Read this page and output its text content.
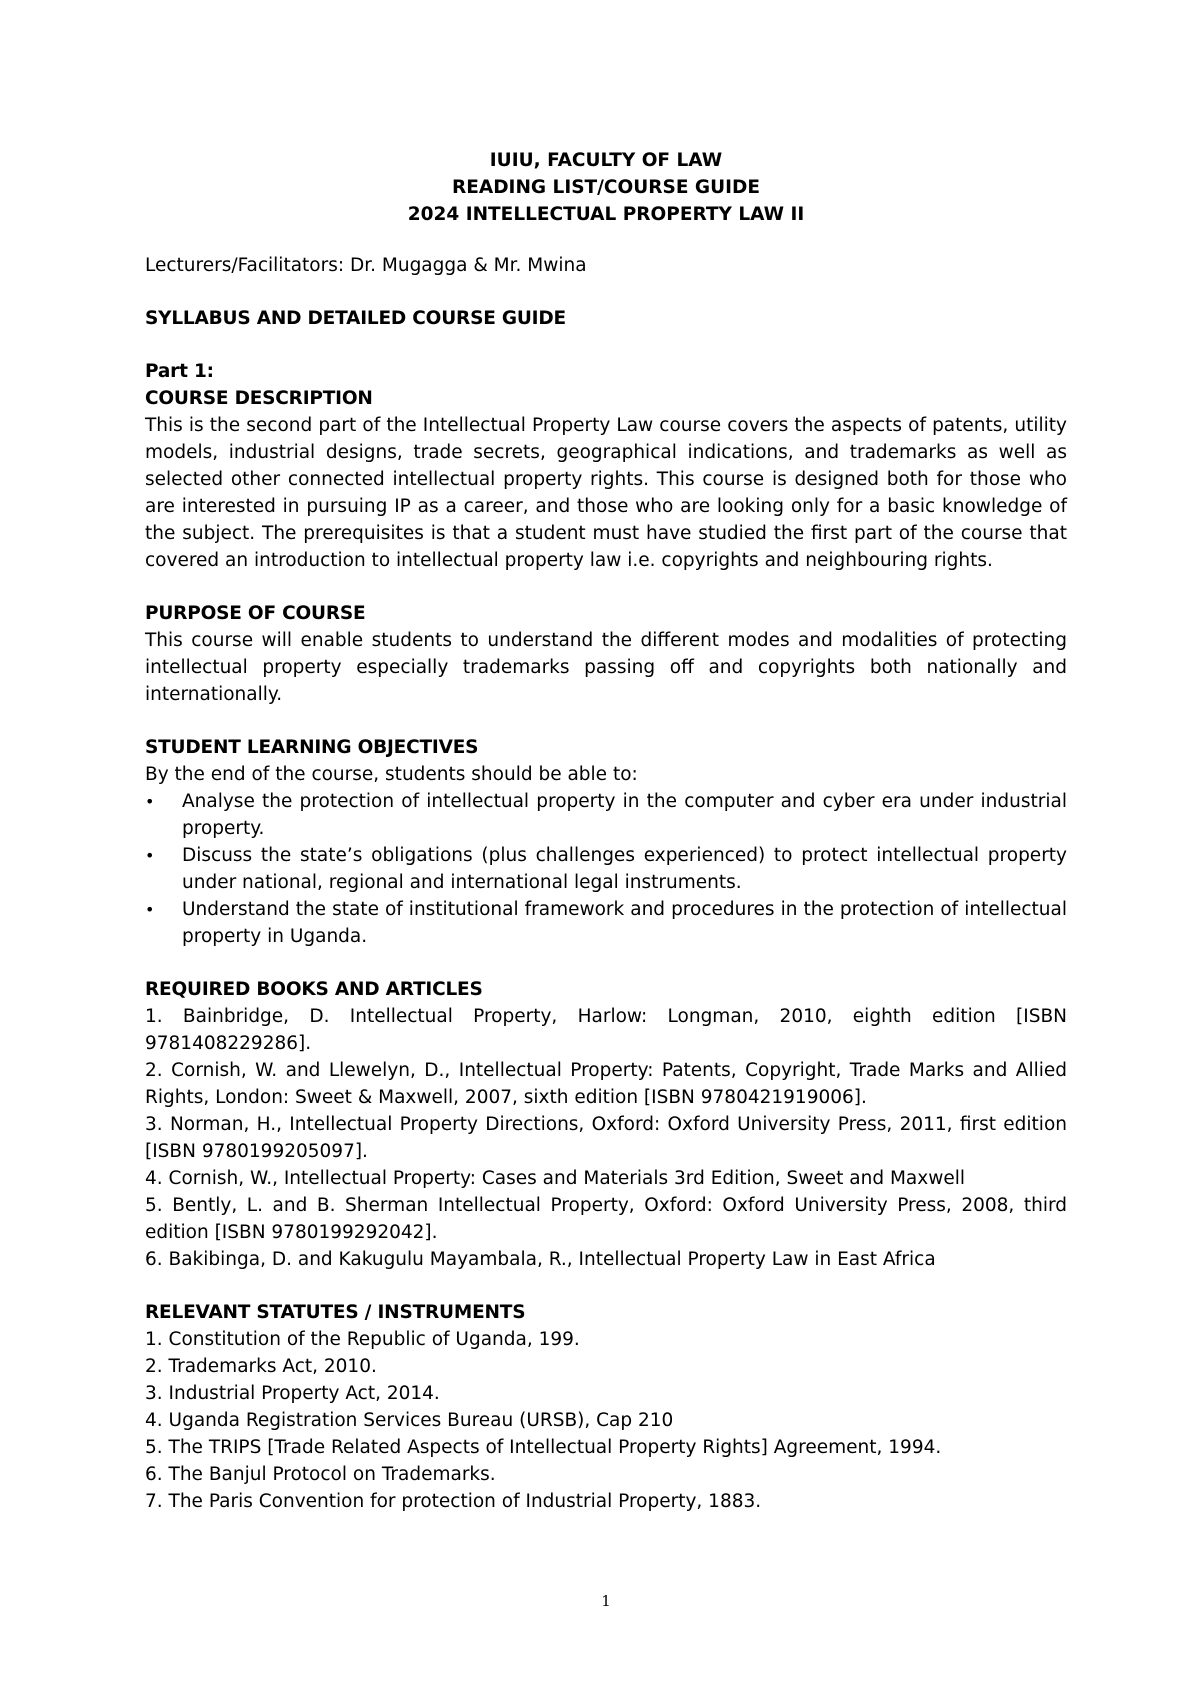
IUIU, FACULTY OF LAW
READING LIST/COURSE GUIDE
2024 INTELLECTUAL PROPERTY LAW II

Lecturers/Facilitators: Dr. Mugagga & Mr. Mwina

SYLLABUS AND DETAILED COURSE GUIDE

Part 1:

COURSE DESCRIPTION

This is the second part of the Intellectual Property Law course covers the aspects of patents, utility models, industrial designs, trade secrets, geographical indications, and trademarks as well as selected other connected intellectual property rights. This course is designed both for those who are interested in pursuing IP as a career, and those who are looking only for a basic knowledge of the subject. The prerequisites is that a student must have studied the first part of the course that covered an introduction to intellectual property law i.e. copyrights and neighbouring rights.

PURPOSE OF COURSE

This course will enable students to understand the different modes and modalities of protecting intellectual property especially trademarks passing off and copyrights both nationally and internationally.

STUDENT LEARNING OBJECTIVES

By the end of the course, students should be able to:

• Analyse the protection of intellectual property in the computer and cyber era under industrial property.
• Discuss the state’s obligations (plus challenges experienced) to protect intellectual property under national, regional and international legal instruments.
• Understand the state of institutional framework and procedures in the protection of intellectual property in Uganda.

REQUIRED BOOKS AND ARTICLES

1. Bainbridge, D. Intellectual Property, Harlow: Longman, 2010, eighth edition [ISBN 9781408229286].
2. Cornish, W. and Llewelyn, D., Intellectual Property: Patents, Copyright, Trade Marks and Allied Rights, London: Sweet & Maxwell, 2007, sixth edition [ISBN 9780421919006].
3. Norman, H., Intellectual Property Directions, Oxford: Oxford University Press, 2011, first edition [ISBN 9780199205097].
4. Cornish, W., Intellectual Property: Cases and Materials 3rd Edition, Sweet and Maxwell
5. Bently, L. and B. Sherman Intellectual Property, Oxford: Oxford University Press, 2008, third edition [ISBN 9780199292042].
6. Bakibinga, D. and Kakugulu Mayambala, R., Intellectual Property Law in East Africa

RELEVANT STATUTES / INSTRUMENTS

1. Constitution of the Republic of Uganda, 199.
2. Trademarks Act, 2010.
3. Industrial Property Act, 2014.
4. Uganda Registration Services Bureau (URSB), Cap 210
5. The TRIPS [Trade Related Aspects of Intellectual Property Rights] Agreement, 1994.
6. The Banjul Protocol on Trademarks.
7. The Paris Convention for protection of Industrial Property, 1883.
1
